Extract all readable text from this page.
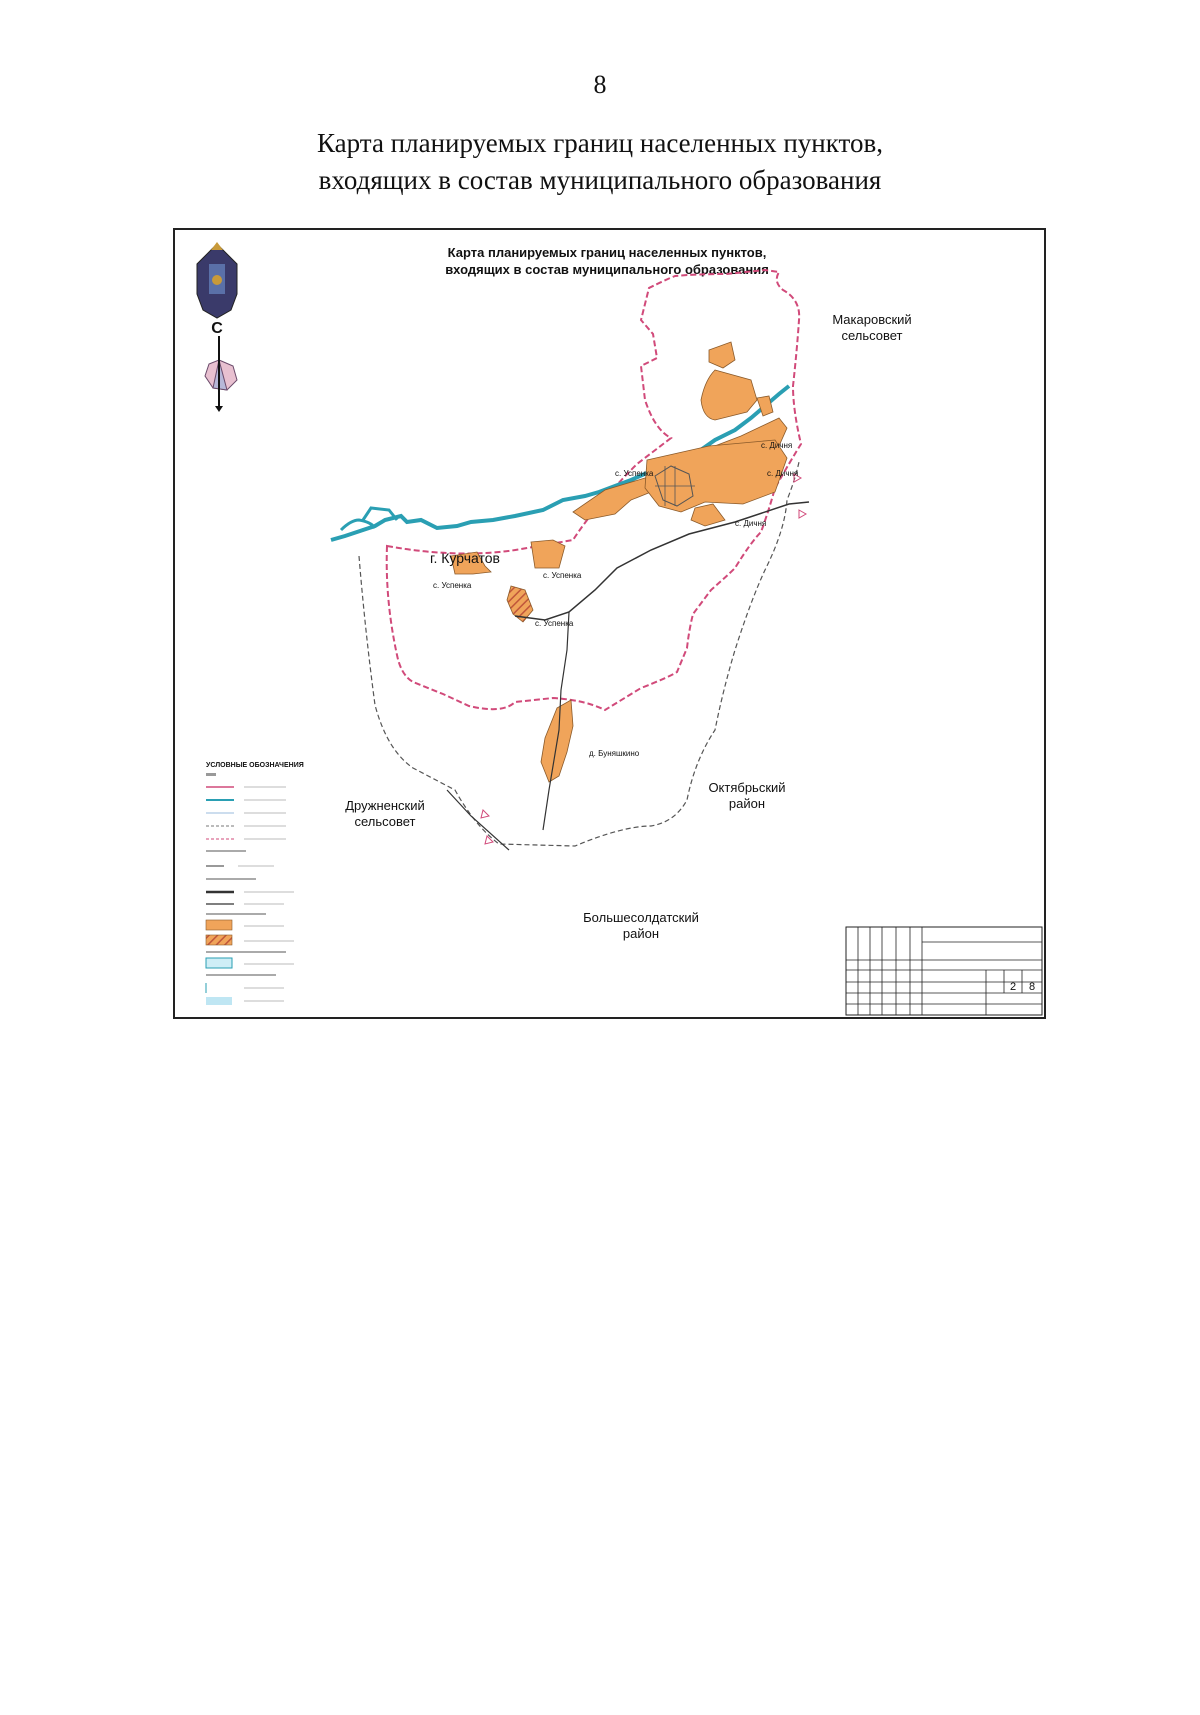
8
Карта планируемых границ населенных пунктов,
входящих в состав муниципального образования
Карта планируемых границ населенных пунктов,
входящих в состав муниципального образования
С
г. Курчатов
с. Успенка
с. Успенка
с. Успенка
с. Успенка
с. Дичня
с. Дичня
с. Дичня
д. Буняшкино
Макаровский
сельсовет
Дружненский
сельсовет
Октябрьский
район
Большесолдатский
район
УСЛОВНЫЕ ОБОЗНАЧЕНИЯ
2 8
